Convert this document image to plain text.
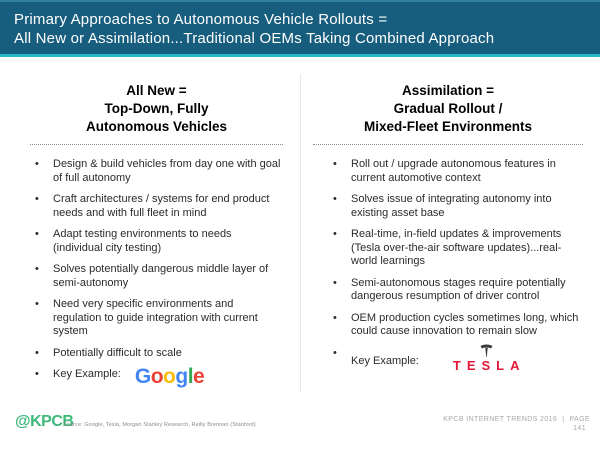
Primary Approaches to Autonomous Vehicle Rollouts =
All New or Assimilation...Traditional OEMs Taking Combined Approach
All New =
Top-Down, Fully
Autonomous Vehicles
• Design & build vehicles from day one with goal of full autonomy
• Craft architectures / systems for end product needs and with full fleet in mind
• Adapt testing environments to needs (individual city testing)
• Solves potentially dangerous middle layer of semi-autonomy
• Need very specific environments and regulation to guide integration with current system
• Potentially difficult to scale
• Key Example: Google
Assimilation =
Gradual Rollout /
Mixed-Fleet Environments
• Roll out / upgrade autonomous features in current automotive context
• Solves issue of integrating autonomy into existing asset base
• Real-time, in-field updates & improvements (Tesla over-the-air software updates)...real-world learnings
• Semi-autonomous stages require potentially dangerous resumption of driver control
• OEM production cycles sometimes long, which could cause innovation to remain slow
• Key Example:	TESLA
@KPCB
Source: Google, Tesla, Morgan Stanley Research, Reilly Brennan (Stanford)
KPCB INTERNET TRENDS 2016 | PAGE
141
